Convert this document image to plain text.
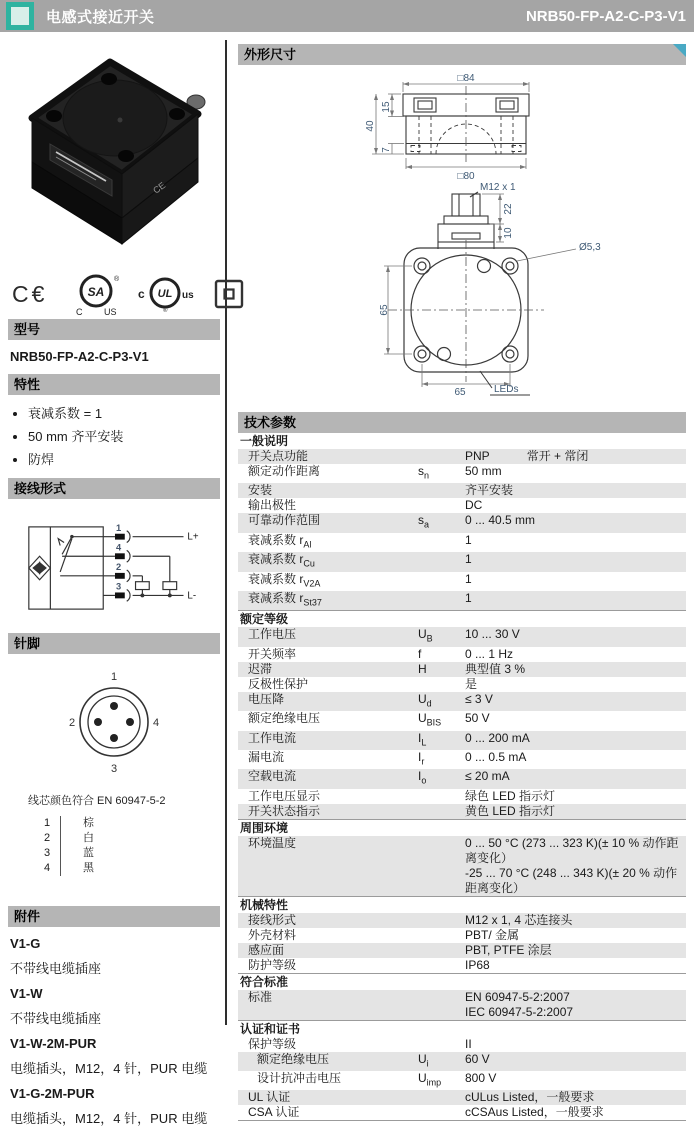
电感式接近开关	NRB50-FP-A2-C-P3-V1
CE
C€	SA
®
C US
c UL us
®
型号
NRB50-FP-A2-C-P3-V1
特性
• 衰减系数 = 1
• 50 mm 齐平安装
• 防焊
接线形式
1
4
2
3
L+
L-
针脚
1
2	4
3
线芯颜色符合 EN 60947-5-2
1	棕
2	白
3	蓝
4	黑
附件
V1-G
不带线电缆插座
V1-W
不带线电缆插座
V1-W-2M-PUR
电缆插头，M12，4 针，PUR 电缆
V1-G-2M-PUR
电缆插头，M12，4 针，PUR 电缆
外形尺寸
□84
15
40
7
□80
M12 x 1
22
10
65
65
Ø5,3
LEDs
技术参数
一般说明
开关点功能	PNP	常开 + 常闭
额定动作距离	$s_n$	50 mm
安装	齐平安装
输出极性	DC
可靠动作范围	$s_a$	0 ... 40.5 mm
衰减系数 $r_{Al}$	1
衰减系数 $r_{Cu}$	1
衰减系数 $r_{V2A}$	1
衰减系数 $r_{St37}$	1
额定等级
工作电压	$U_B$	10 ... 30 V
开关频率	f	0 ... 1 Hz
迟滞	H	典型值 3 %
反极性保护	是
电压降	$U_d$	≤ 3 V
额定绝缘电压	$U_{BIS}$	50 V
工作电流	$I_L$	0 ... 200 mA
漏电流	$I_r$	0 ... 0.5 mA
空载电流	$I_o$	≤ 20 mA
工作电压显示	绿色 LED 指示灯
开关状态指示	黄色 LED 指示灯
周围环境
环境温度	0 ... 50 °C (273 ... 323 K)(± 10 % 动作距离变化）
-25 ... 70 °C (248 ... 343 K)(± 20 % 动作距离变化）
机械特性
接线形式	M12 x 1, 4 芯连接头
外壳材料	PBT/ 金属
感应面	PBT, PTFE 涂层
防护等级	IP68
符合标准
标准	EN 60947-5-2:2007
IEC 60947-5-2:2007
认证和证书
保护等级	II
额定绝缘电压	$U_i$	60 V
设计抗冲击电压	$U_{imp}$	800 V
UL 认证	cULus Listed，一般要求
CSA 认证	cCSAus Listed，一般要求
